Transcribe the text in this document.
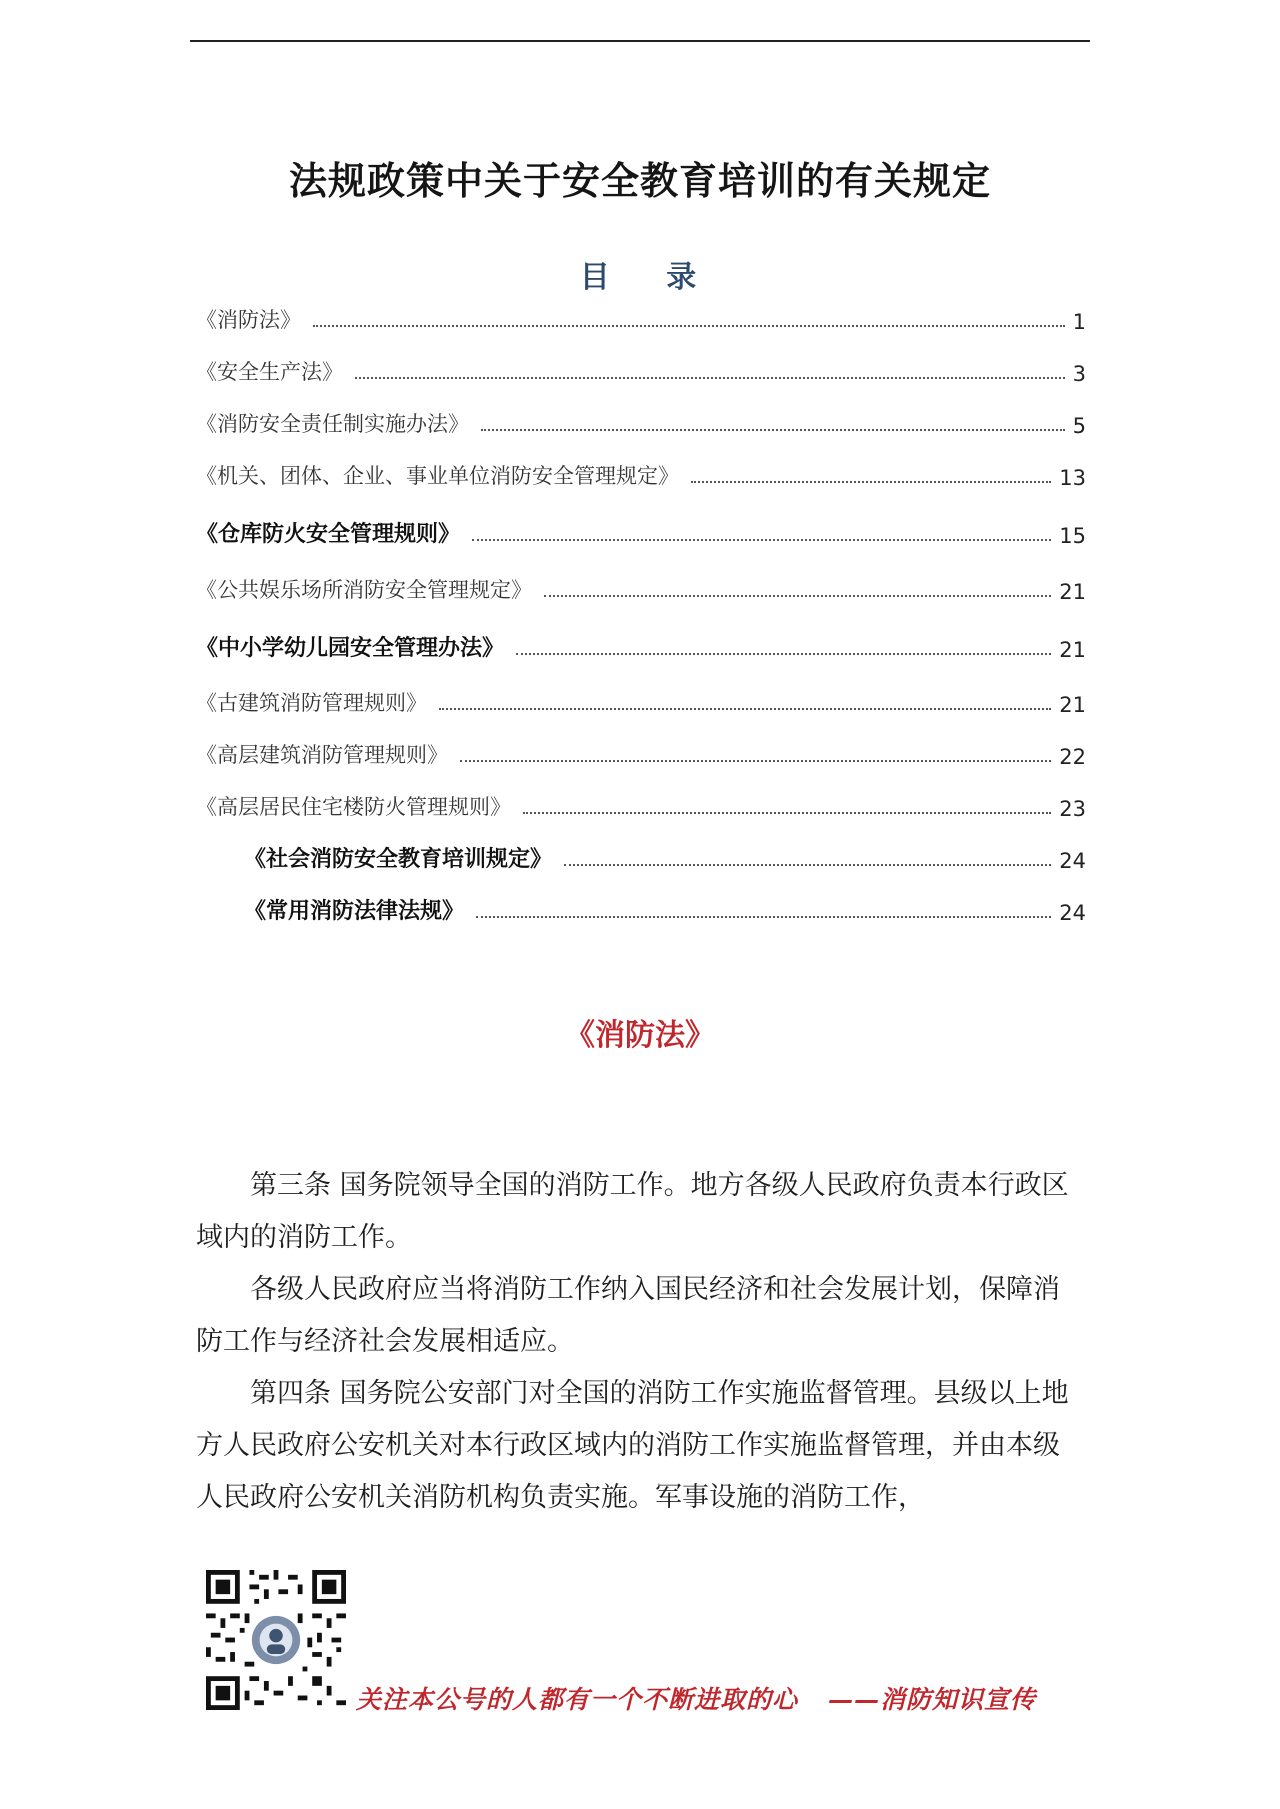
法规政策中关于安全教育培训的有关规定
目 录
《消防法》	1
《安全生产法》	3
《消防安全责任制实施办法》	5
《机关、团体、企业、事业单位消防安全管理规定》	13
《仓库防火安全管理规则》	15
《公共娱乐场所消防安全管理规定》	21
《中小学幼儿园安全管理办法》	21
《古建筑消防管理规则》	21
《高层建筑消防管理规则》	22
《高层居民住宅楼防火管理规则》	23
《社会消防安全教育培训规定》	24
《常用消防法律法规》	24
《消防法》

第三条 国务院领导全国的消防工作。地方各级人民政府负责本行政区域内的消防工作。

各级人民政府应当将消防工作纳入国民经济和社会发展计划，保障消防工作与经济社会发展相适应。

第四条 国务院公安部门对全国的消防工作实施监督管理。县级以上地方人民政府公安机关对本行政区域内的消防工作实施监督管理，并由本级人民政府公安机关消防机构负责实施。军事设施的消防工作，

关注本公号的人都有一个不断进取的心 ——消防知识宣传
